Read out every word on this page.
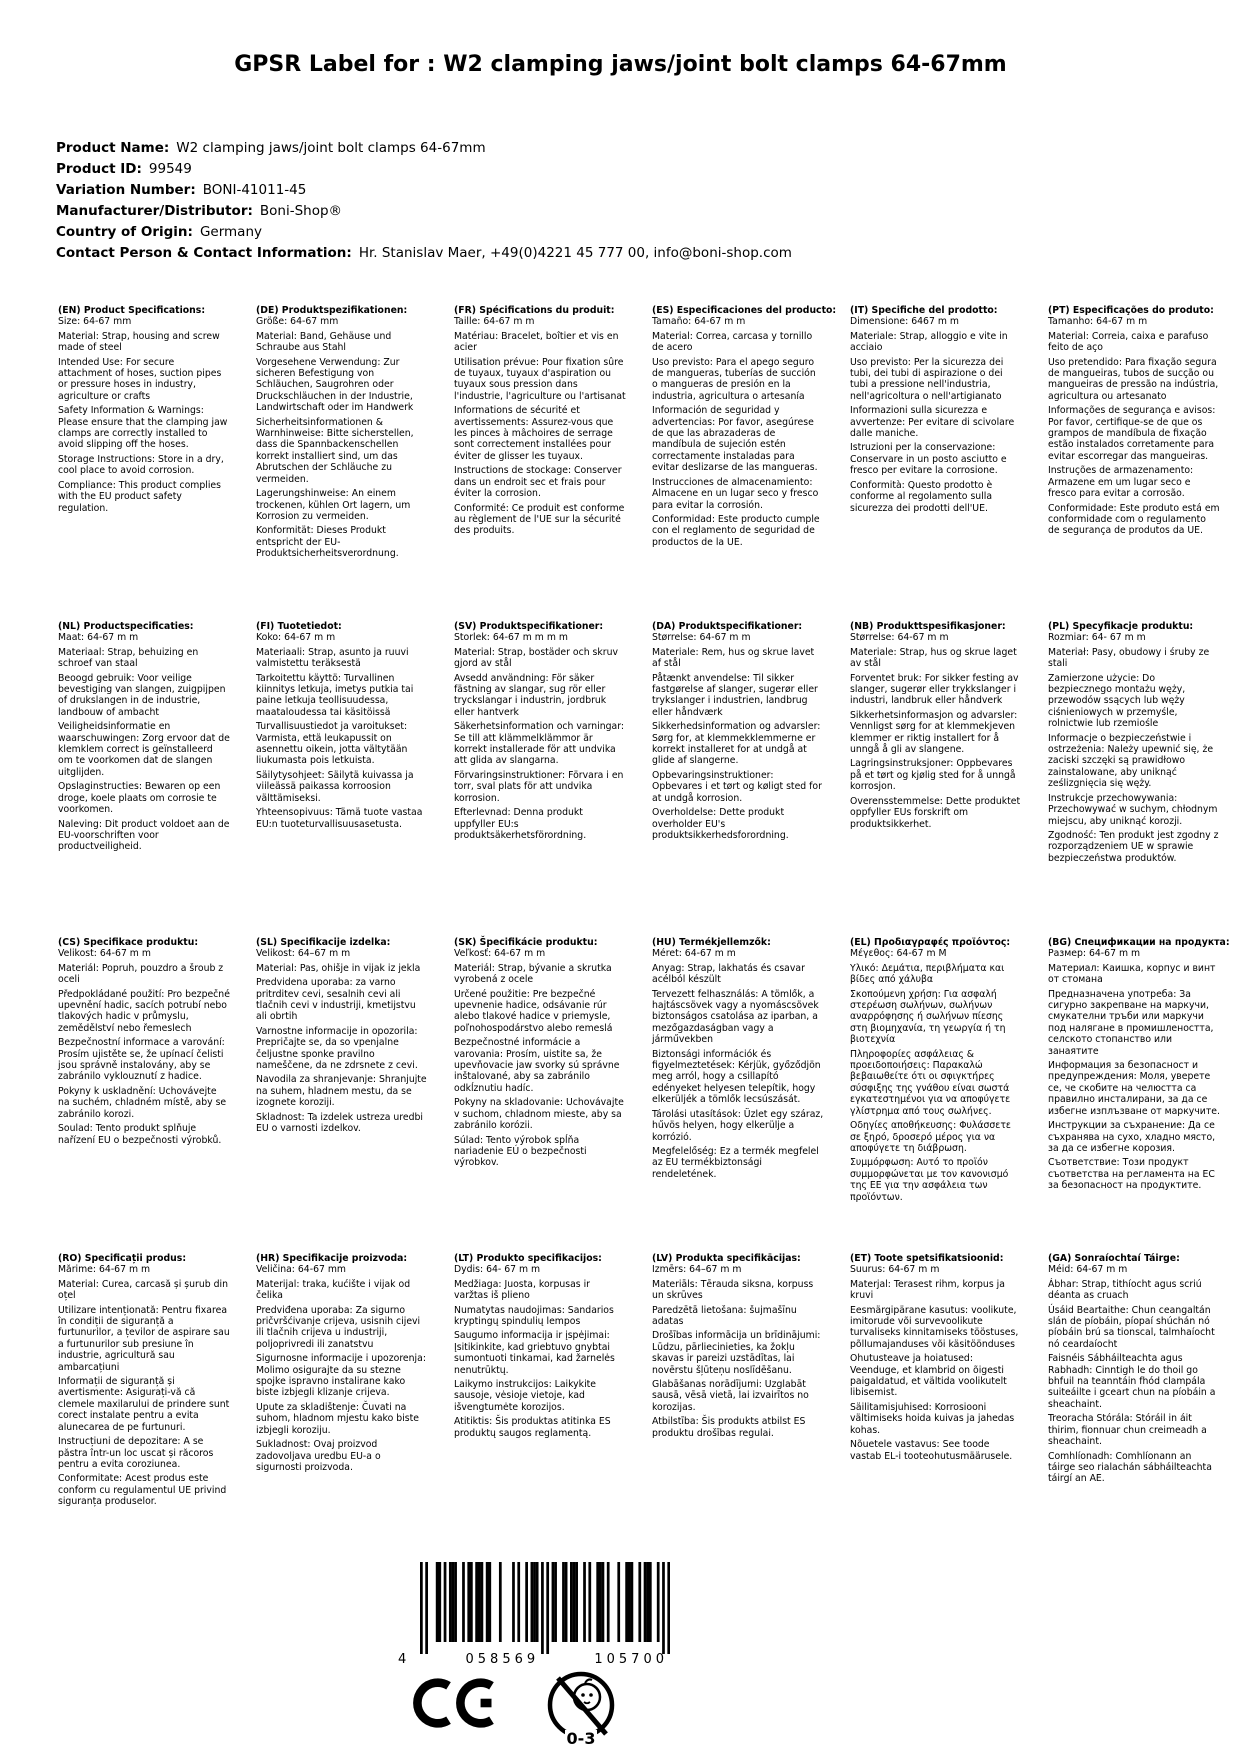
GPSR Label for : W2 clamping jaws/joint bolt clamps 64-67mm
Product Name: W2 clamping jaws/joint bolt clamps 64-67mm
Product ID: 99549
Variation Number: BONI-41011-45
Manufacturer/Distributor: Boni-Shop®
Country of Origin: Germany
Contact Person & Contact Information: Hr. Stanislav Maer, +49(0)4221 45 777 00, info@boni-shop.com
(EN) Product Specifications:

Size: 64-67 mm

Material: Strap, housing and screw made of steel

Intended Use: For secure attachment of hoses, suction pipes or pressure hoses in industry, agriculture or crafts

Safety Information & Warnings: Please ensure that the clamping jaw clamps are correctly installed to avoid slipping off the hoses.

Storage Instructions: Store in a dry, cool place to avoid corrosion.

Compliance: This product complies with the EU product safety regulation.

(DE) Produktspezifikationen:

Größe: 64-67 mm

Material: Band, Gehäuse und Schraube aus Stahl

Vorgesehene Verwendung: Zur sicheren Befestigung von Schläuchen, Saugrohren oder Druckschläuchen in der Industrie, Landwirtschaft oder im Handwerk

Sicherheitsinformationen & Warnhinweise: Bitte sicherstellen, dass die Spannbackenschellen korrekt installiert sind, um das Abrutschen der Schläuche zu vermeiden.

Lagerungshinweise: An einem trockenen, kühlen Ort lagern, um Korrosion zu vermeiden.

Konformität: Dieses Produkt entspricht der EU-Produktsicherheitsverordnung.

(FR) Spécifications du produit:

Taille: 64-67 m m

Matériau: Bracelet, boîtier et vis en acier

Utilisation prévue: Pour fixation sûre de tuyaux, tuyaux d'aspiration ou tuyaux sous pression dans l'industrie, l'agriculture ou l'artisanat

Informations de sécurité et avertissements: Assurez-vous que les pinces à mâchoires de serrage sont correctement installées pour éviter de glisser les tuyaux.

Instructions de stockage: Conserver dans un endroit sec et frais pour éviter la corrosion.

Conformité: Ce produit est conforme au règlement de l'UE sur la sécurité des produits.

(ES) Especificaciones del producto:

Tamaño: 64-67 m m

Material: Correa, carcasa y tornillo de acero

Uso previsto: Para el apego seguro de mangueras, tuberías de succión o mangueras de presión en la industria, agricultura o artesanía

Información de seguridad y advertencias: Por favor, asegúrese de que las abrazaderas de mandíbula de sujeción estén correctamente instaladas para evitar deslizarse de las mangueras.

Instrucciones de almacenamiento: Almacene en un lugar seco y fresco para evitar la corrosión.

Conformidad: Este producto cumple con el reglamento de seguridad de productos de la UE.

(IT) Specifiche del prodotto:

Dimensione: 6467 m m

Materiale: Strap, alloggio e vite in acciaio

Uso previsto: Per la sicurezza dei tubi, dei tubi di aspirazione o dei tubi a pressione nell'industria, nell'agricoltura o nell'artigianato

Informazioni sulla sicurezza e avvertenze: Per evitare di scivolare dalle maniche.

Istruzioni per la conservazione: Conservare in un posto asciutto e fresco per evitare la corrosione.

Conformità: Questo prodotto è conforme al regolamento sulla sicurezza dei prodotti dell'UE.

(PT) Especificações do produto:

Tamanho: 64-67 m m

Material: Correia, caixa e parafuso feito de aço

Uso pretendido: Para fixação segura de mangueiras, tubos de sucção ou mangueiras de pressão na indústria, agricultura ou artesanato

Informações de segurança e avisos: Por favor, certifique-se de que os grampos de mandíbula de fixação estão instalados corretamente para evitar escorregar das mangueiras.

Instruções de armazenamento: Armazene em um lugar seco e fresco para evitar a corrosão.

Conformidade: Este produto está em conformidade com o regulamento de segurança de produtos da UE.

(NL) Productspecificaties:

Maat: 64-67 m m

Materiaal: Strap, behuizing en schroef van staal

Beoogd gebruik: Voor veilige bevestiging van slangen, zuigpijpen of drukslangen in de industrie, landbouw of ambacht

Veiligheidsinformatie en waarschuwingen: Zorg ervoor dat de klemklem correct is geïnstalleerd om te voorkomen dat de slangen uitglijden.

Opslaginstructies: Bewaren op een droge, koele plaats om corrosie te voorkomen.

Naleving: Dit product voldoet aan de EU-voorschriften voor productveiligheid.

(FI) Tuotetiedot:

Koko: 64-67 m m

Materiaali: Strap, asunto ja ruuvi valmistettu teräksestä

Tarkoitettu käyttö: Turvallinen kiinnitys letkuja, imetys putkia tai paine letkuja teollisuudessa, maataloudessa tai käsitöissä

Turvallisuustiedot ja varoitukset: Varmista, että leukapussit on asennettu oikein, jotta vältytään liukumasta pois letkuista.

Säilytysohjeet: Säilytä kuivassa ja viileässä paikassa korroosion välttämiseksi.

Yhteensopivuus: Tämä tuote vastaa EU:n tuoteturvallisuusasetusta.

(SV) Produktspecifikationer:

Storlek: 64-67 m m m m

Material: Strap, bostäder och skruv gjord av stål

Avsedd användning: För säker fästning av slangar, sug rör eller tryckslangar i industrin, jordbruk eller hantverk

Säkerhetsinformation och varningar: Se till att klämmelklämmor är korrekt installerade för att undvika att glida av slangarna.

Förvaringsinstruktioner: Förvara i en torr, sval plats för att undvika korrosion.

Efterlevnad: Denna produkt uppfyller EU:s produktsäkerhetsförordning.

(DA) Produktspecifikationer:

Størrelse: 64-67 m m

Materiale: Rem, hus og skrue lavet af stål

Påtænkt anvendelse: Til sikker fastgørelse af slanger, sugerør eller trykslanger i industrien, landbrug eller håndværk

Sikkerhedsinformation og advarsler: Sørg for, at klemmekklemmerne er korrekt installeret for at undgå at glide af slangerne.

Opbevaringsinstruktioner: Opbevares i et tørt og køligt sted for at undgå korrosion.

Overholdelse: Dette produkt overholder EU's produktsikkerhedsforordning.

(NB) Produkttspesifikasjoner:

Størrelse: 64-67 m m

Materiale: Strap, hus og skrue laget av stål

Forventet bruk: For sikker festing av slanger, sugerør eller trykkslanger i industri, landbruk eller håndverk

Sikkerhetsinformasjon og advarsler: Vennligst sørg for at klemmekjeven klemmer er riktig installert for å unngå å gli av slangene.

Lagringsinstruksjoner: Oppbevares på et tørt og kjølig sted for å unngå korrosjon.

Overensstemmelse: Dette produktet oppfyller EUs forskrift om produktsikkerhet.

(PL) Specyfikacje produktu:

Rozmiar: 64- 67 m m

Materiał: Pasy, obudowy i śruby ze stali

Zamierzone użycie: Do bezpiecznego montażu węży, przewodów ssących lub węży ciśnieniowych w przemyśle, rolnictwie lub rzemiośle

Informacje o bezpieczeństwie i ostrzeżenia: Należy upewnić się, że zaciski szczęki są prawidłowo zainstalowane, aby uniknąć ześlizgnięcia się węży.

Instrukcje przechowywania: Przechowywać w suchym, chłodnym miejscu, aby uniknąć korozji.

Zgodność: Ten produkt jest zgodny z rozporządzeniem UE w sprawie bezpieczeństwa produktów.

(CS) Specifikace produktu:

Velikost: 64-67 m m

Materiál: Popruh, pouzdro a šroub z oceli

Předpokládané použití: Pro bezpečné upevnění hadic, sacích potrubí nebo tlakových hadic v průmyslu, zemědělství nebo řemeslech

Bezpečnostní informace a varování: Prosím ujistěte se, že upínací čelisti jsou správně instalovány, aby se zabránilo vyklouznutí z hadice.

Pokyny k uskladnění: Uchovávejte na suchém, chladném místě, aby se zabránilo korozi.

Soulad: Tento produkt splňuje nařízení EU o bezpečnosti výrobků.

(SL) Specifikacije izdelka:

Velikost: 64–67 m m

Material: Pas, ohišje in vijak iz jekla

Predvidena uporaba: za varno pritrditev cevi, sesalnih cevi ali tlačnih cevi v industriji, kmetijstvu ali obrtih

Varnostne informacije in opozorila: Prepričajte se, da so vpenjalne čeljustne sponke pravilno nameščene, da ne zdrsnete z cevi.

Navodila za shranjevanje: Shranjujte na suhem, hladnem mestu, da se izognete koroziji.

Skladnost: Ta izdelek ustreza uredbi EU o varnosti izdelkov.

(SK) Špecifikácie produktu:

Veľkosť: 64-67 m m

Materiál: Strap, bývanie a skrutka vyrobená z ocele

Určené použitie: Pre bezpečné upevnenie hadice, odsávanie rúr alebo tlakové hadice v priemysle, poľnohospodárstvo alebo remeslá

Bezpečnostné informácie a varovania: Prosím, uistite sa, že upevňovacie jaw svorky sú správne inštalované, aby sa zabránilo odkĺznutiu hadíc.

Pokyny na skladovanie: Uchovávajte v suchom, chladnom mieste, aby sa zabránilo korózii.

Súlad: Tento výrobok spĺňa nariadenie EÚ o bezpečnosti výrobkov.

(HU) Termékjellemzők:

Méret: 64-67 m m

Anyag: Strap, lakhatás és csavar acélból készült

Tervezett felhasználás: A tömlők, a hajtáscsövek vagy a nyomáscsövek biztonságos csatolása az iparban, a mezőgazdaságban vagy a járművekben

Biztonsági információk és figyelmeztetések: Kérjük, győződjön meg arról, hogy a csillapító edényeket helyesen telepítik, hogy elkerüljék a tömlők lecsúszását.

Tárolási utasítások: Üzlet egy száraz, hűvös helyen, hogy elkerülje a korrózió.

Megfelelőség: Ez a termék megfelel az EU termékbiztonsági rendeletének.

(EL) Προδιαγραφές προϊόντος:

Μέγεθος: 64-67 m M

Υλικό: Δεμάτια, περιβλήματα και βίδες από χάλυβα

Σκοπούμενη χρήση: Για ασφαλή στερέωση σωλήνων, σωλήνων αναρρόφησης ή σωλήνων πίεσης στη βιομηχανία, τη γεωργία ή τη βιοτεχνία

Πληροφορίες ασφάλειας & προειδοποιήσεις: Παρακαλώ βεβαιωθείτε ότι οι σφιγκτήρες σύσφιξης της γνάθου είναι σωστά εγκατεστημένοι για να αποφύγετε γλίστρημα από τους σωλήνες.

Οδηγίες αποθήκευσης: Φυλάσσετε σε ξηρό, δροσερό μέρος για να αποφύγετε τη διάβρωση.

Συμμόρφωση: Αυτό το προϊόν συμμορφώνεται με τον κανονισμό της ΕΕ για την ασφάλεια των προϊόντων.

(BG) Спецификации на продукта:

Размер: 64-67 m m

Материал: Каишка, корпус и винт от стомана

Предназначена употреба: За сигурно закрепване на маркучи, смукателни тръби или маркучи под налягане в промишлеността, селското стопанство или занаятите

Информация за безопасност и предупреждения: Моля, уверете се, че скобите на челюстта са правилно инсталирани, за да се избегне изплъзване от маркучите.

Инструкции за съхранение: Да се съхранява на сухо, хладно място, за да се избегне корозия.

Съответствие: Този продукт съответства на регламента на ЕС за безопасност на продуктите.

(RO) Specificații produs:

Mărime: 64-67 m m

Material: Curea, carcasă și șurub din oțel

Utilizare intenționată: Pentru fixarea în condiții de siguranță a furtunurilor, a țevilor de aspirare sau a furtunurilor sub presiune în industrie, agricultură sau ambarcațiuni

Informații de siguranță și avertismente: Asigurați-vă că clemele maxilarului de prindere sunt corect instalate pentru a evita alunecarea de pe furtunuri.

Instrucțiuni de depozitare: A se păstra într-un loc uscat și răcoros pentru a evita coroziunea.

Conformitate: Acest produs este conform cu regulamentul UE privind siguranța produselor.

(HR) Specifikacije proizvoda:

Veličina: 64-67 mm

Materijal: traka, kućište i vijak od čelika

Predviđena uporaba: Za sigurno pričvršćivanje crijeva, usisnih cijevi ili tlačnih crijeva u industriji, poljoprivredi ili zanatstvu

Sigurnosne informacije i upozorenja: Molimo osigurajte da su stezne spojke ispravno instalirane kako biste izbjegli klizanje crijeva.

Upute za skladištenje: Čuvati na suhom, hladnom mjestu kako biste izbjegli koroziju.

Sukladnost: Ovaj proizvod zadovoljava uredbu EU-a o sigurnosti proizvoda.

(LT) Produkto specifikacijos:

Dydis: 64- 67 m m

Medžiaga: Juosta, korpusas ir varžtas iš plieno

Numatytas naudojimas: Sandarios kryptingų spindulių lempos

Saugumo informacija ir įspėjimai: Įsitikinkite, kad griebtuvo gnybtai sumontuoti tinkamai, kad žarnelės nenutrūktų.

Laikymo instrukcijos: Laikykite sausoje, vėsioje vietoje, kad išvengtumėte korozijos.

Atitiktis: Šis produktas atitinka ES produktų saugos reglamentą.

(LV) Produkta specifikācijas:

Izmērs: 64–67 m m

Materiāls: Tērauda siksna, korpuss un skrūves

Paredzētā lietošana: šujmašīnu adatas

Drošības informācija un brīdinājumi: Lūdzu, pārliecinieties, ka žokļu skavas ir pareizi uzstādītas, lai novērstu šļūteņu noslīdēšanu.

Glabāšanas norādījumi: Uzglabāt sausā, vēsā vietā, lai izvairītos no korozijas.

Atbilstība: Šis produkts atbilst ES produktu drošības regulai.

(ET) Toote spetsifikatsioonid:

Suurus: 64-67 m m

Materjal: Terasest rihm, korpus ja kruvi

Eesmärgipärane kasutus: voolikute, imitorude või survevoolikute turvaliseks kinnitamiseks tööstuses, põllumajanduses või käsitöönduses

Ohutusteave ja hoiatused: Veenduge, et klambrid on õigesti paigaldatud, et vältida voolikutelt libisemist.

Säilitamisjuhised: Korrosiooni vältimiseks hoida kuivas ja jahedas kohas.

Nõuetele vastavus: See toode vastab EL-i tooteohutusmäärusele.

(GA) Sonraíochtaí Táirge:

Méid: 64-67 m m

Ábhar: Strap, tithíocht agus scriú déanta as cruach

Úsáid Beartaithe: Chun ceangaltán slán de píobáin, píopaí shúchán nó píobáin brú sa tionscal, talmhaíocht nó ceardaíocht

Faisnéis Sábháilteachta agus Rabhadh: Cinntigh le do thoil go bhfuil na teanntáin fhód clampála suiteáilte i gceart chun na píobáin a sheachaint.

Treoracha Stórála: Stóráil in áit thirim, fionnuar chun creimeadh a sheachaint.

Comhlíonadh: Comhlíonann an táirge seo rialachán sábháilteachta táirgí an AE.

4	058569	105700
0-3
